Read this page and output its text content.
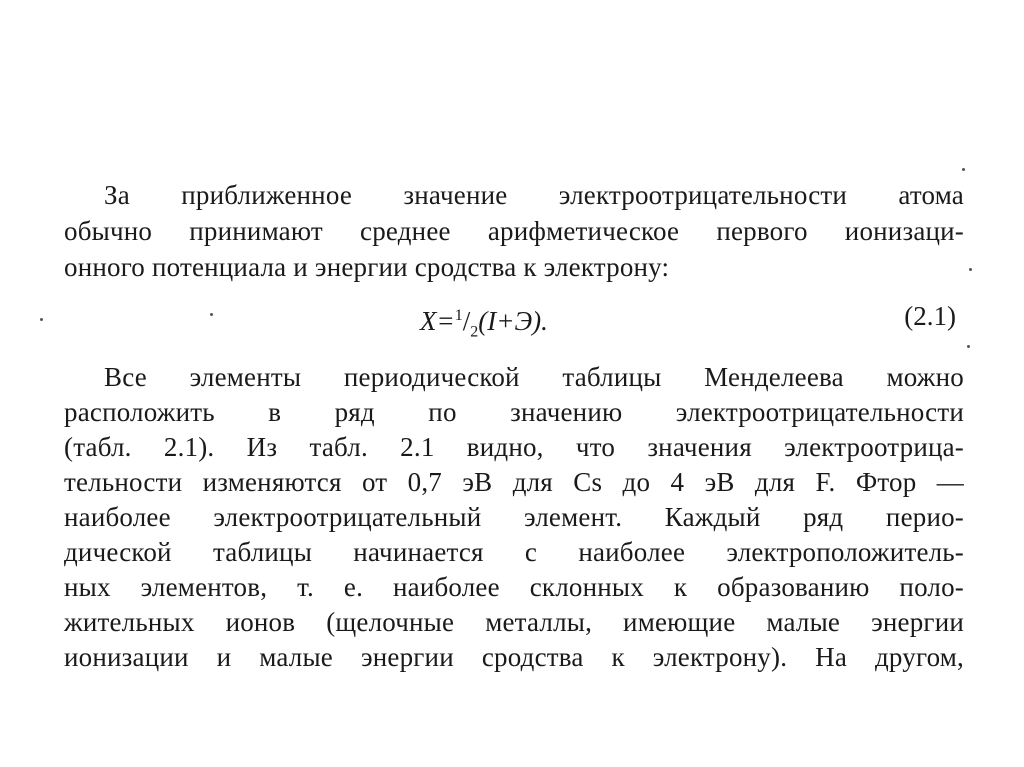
За приближенное значение электроотрицательности атома
обычно принимают среднее арифметическое первого ионизаци-
онного потенциала и энергии сродства к электрону:
$X=^1/_2(I+Э)$.	(2.1)
Все элементы периодической таблицы Менделеева можно
расположить в ряд по значению электроотрицательности
(табл. 2.1). Из табл. 2.1 видно, что значения электроотрица-
тельности изменяются от 0,7 эВ для Cs до 4 эВ для F. Фтор —
наиболее электроотрицательный элемент. Каждый ряд перио-
дической таблицы начинается с наиболее электроположитель-
ных элементов, т. е. наиболее склонных к образованию поло-
жительных ионов (щелочные металлы, имеющие малые энергии
ионизации и малые энергии сродства к электрону). На другом,
